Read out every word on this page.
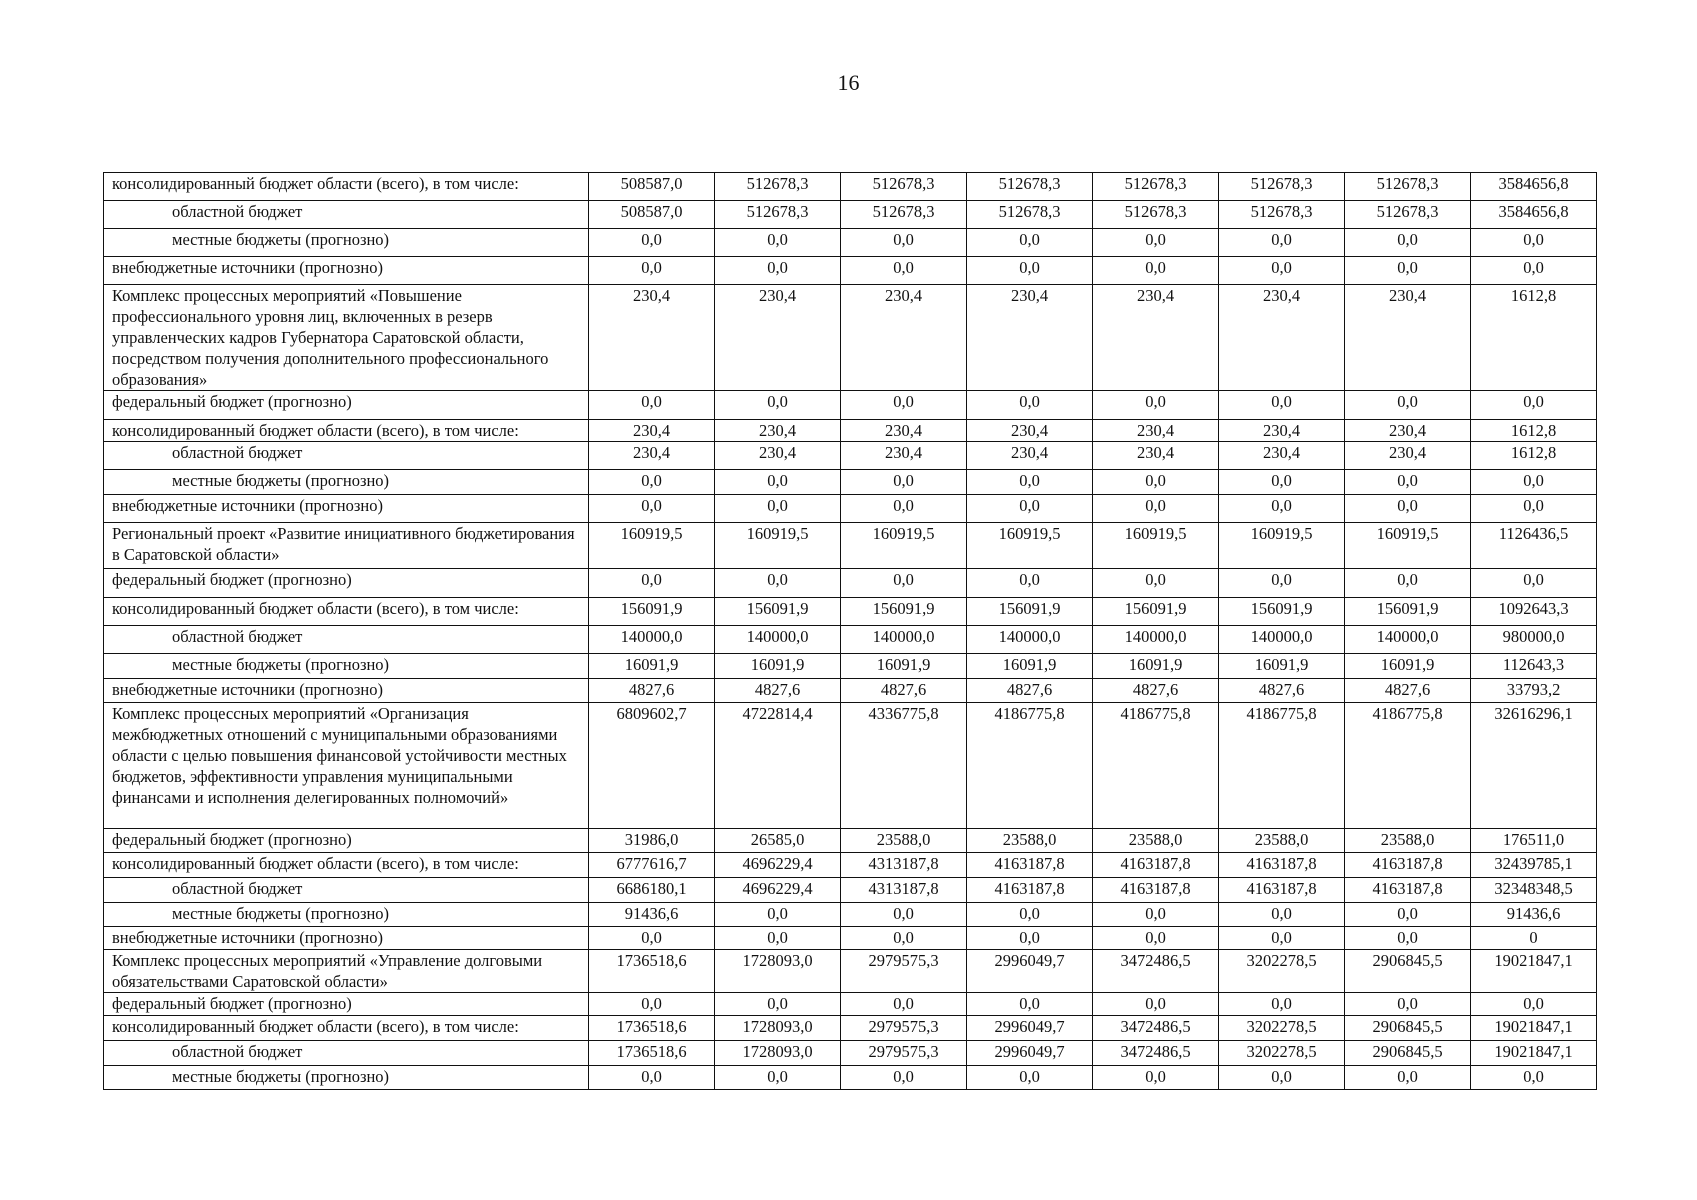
16
консолидированный бюджет области (всего), в том числе:	508587,0	512678,3	512678,3	512678,3	512678,3	512678,3	512678,3	3584656,8
областной бюджет	508587,0	512678,3	512678,3	512678,3	512678,3	512678,3	512678,3	3584656,8
местные бюджеты (прогнозно)	0,0	0,0	0,0	0,0	0,0	0,0	0,0	0,0
внебюджетные источники (прогнозно)	0,0	0,0	0,0	0,0	0,0	0,0	0,0	0,0
Комплекс процессных мероприятий «Повышение профессионального уровня лиц, включенных в резерв управленческих кадров Губернатора Саратовской области, посредством получения дополнительного профессионального образования»	230,4	230,4	230,4	230,4	230,4	230,4	230,4	1612,8
федеральный бюджет (прогнозно)	0,0	0,0	0,0	0,0	0,0	0,0	0,0	0,0
консолидированный бюджет области (всего), в том числе:	230,4	230,4	230,4	230,4	230,4	230,4	230,4	1612,8
областной бюджет	230,4	230,4	230,4	230,4	230,4	230,4	230,4	1612,8
местные бюджеты (прогнозно)	0,0	0,0	0,0	0,0	0,0	0,0	0,0	0,0
внебюджетные источники (прогнозно)	0,0	0,0	0,0	0,0	0,0	0,0	0,0	0,0
Региональный проект «Развитие инициативного бюджетирования в Саратовской области»	160919,5	160919,5	160919,5	160919,5	160919,5	160919,5	160919,5	1126436,5
федеральный бюджет (прогнозно)	0,0	0,0	0,0	0,0	0,0	0,0	0,0	0,0
консолидированный бюджет области (всего), в том числе:	156091,9	156091,9	156091,9	156091,9	156091,9	156091,9	156091,9	1092643,3
областной бюджет	140000,0	140000,0	140000,0	140000,0	140000,0	140000,0	140000,0	980000,0
местные бюджеты (прогнозно)	16091,9	16091,9	16091,9	16091,9	16091,9	16091,9	16091,9	112643,3
внебюджетные источники (прогнозно)	4827,6	4827,6	4827,6	4827,6	4827,6	4827,6	4827,6	33793,2
Комплекс процессных мероприятий «Организация межбюджетных отношений с муниципальными образованиями области с целью повышения финансовой устойчивости местных бюджетов, эффективности управления муниципальными финансами и исполнения делегированных полномочий»	6809602,7	4722814,4	4336775,8	4186775,8	4186775,8	4186775,8	4186775,8	32616296,1
федеральный бюджет (прогнозно)	31986,0	26585,0	23588,0	23588,0	23588,0	23588,0	23588,0	176511,0
консолидированный бюджет области (всего), в том числе:	6777616,7	4696229,4	4313187,8	4163187,8	4163187,8	4163187,8	4163187,8	32439785,1
областной бюджет	6686180,1	4696229,4	4313187,8	4163187,8	4163187,8	4163187,8	4163187,8	32348348,5
местные бюджеты (прогнозно)	91436,6	0,0	0,0	0,0	0,0	0,0	0,0	91436,6
внебюджетные источники (прогнозно)	0,0	0,0	0,0	0,0	0,0	0,0	0,0	0
Комплекс процессных мероприятий «Управление долговыми обязательствами Саратовской области»	1736518,6	1728093,0	2979575,3	2996049,7	3472486,5	3202278,5	2906845,5	19021847,1
федеральный бюджет (прогнозно)	0,0	0,0	0,0	0,0	0,0	0,0	0,0	0,0
консолидированный бюджет области (всего), в том числе:	1736518,6	1728093,0	2979575,3	2996049,7	3472486,5	3202278,5	2906845,5	19021847,1
областной бюджет	1736518,6	1728093,0	2979575,3	2996049,7	3472486,5	3202278,5	2906845,5	19021847,1
местные бюджеты (прогнозно)	0,0	0,0	0,0	0,0	0,0	0,0	0,0	0,0
